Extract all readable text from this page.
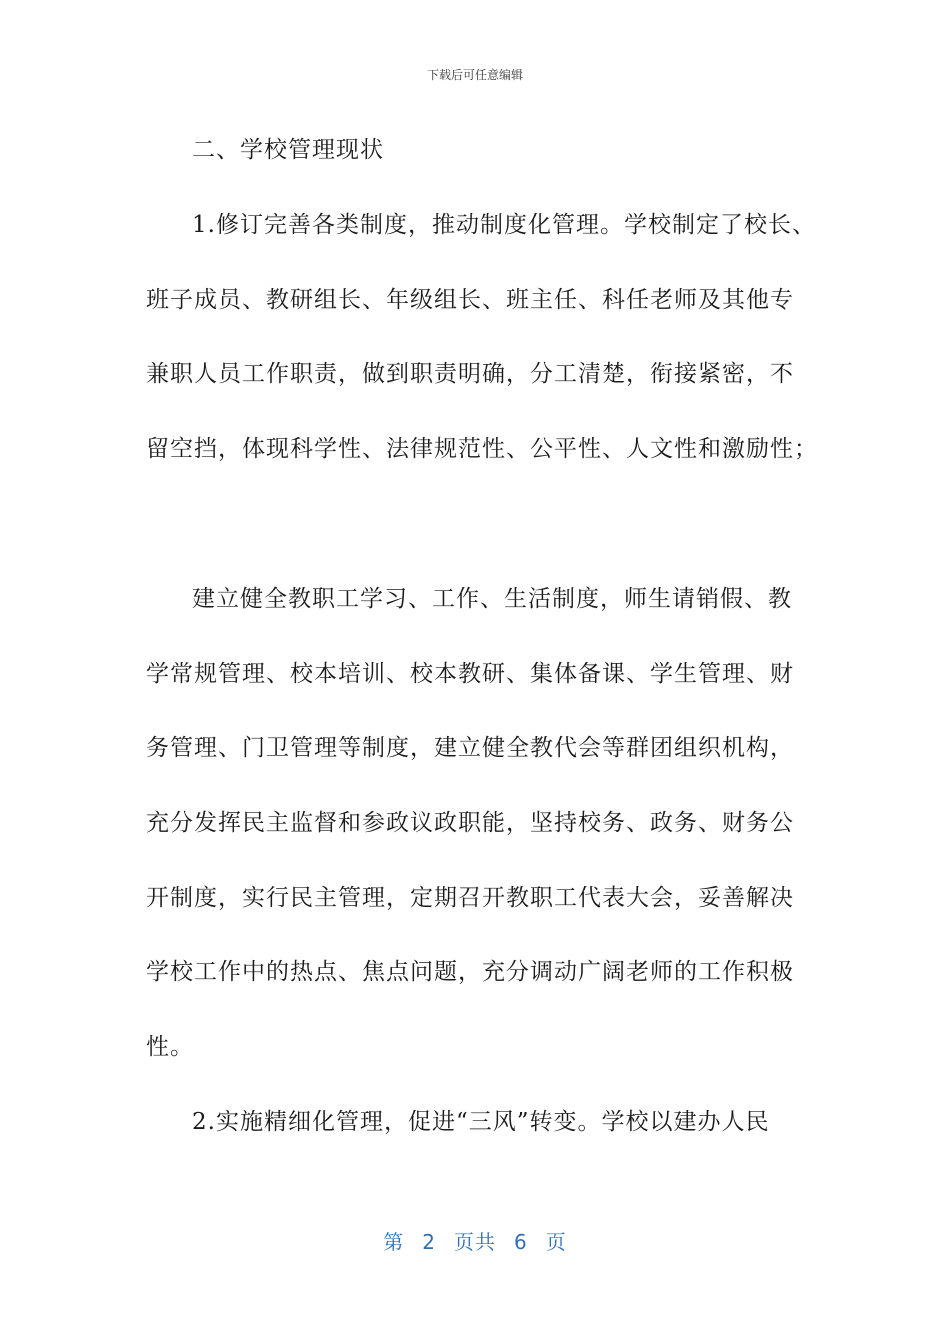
下载后可任意编辑
二、学校管理现状
1.修订完善各类制度，推动制度化管理。学校制定了校长、
班子成员、教研组长、年级组长、班主任、科任老师及其他专
兼职人员工作职责，做到职责明确，分工清楚，衔接紧密，不
留空挡，体现科学性、法律规范性、公平性、人文性和激励性；
建立健全教职工学习、工作、生活制度，师生请销假、教
学常规管理、校本培训、校本教研、集体备课、学生管理、财
务管理、门卫管理等制度，建立健全教代会等群团组织机构，
充分发挥民主监督和参政议政职能，坚持校务、政务、财务公
开制度，实行民主管理，定期召开教职工代表大会，妥善解决
学校工作中的热点、焦点问题，充分调动广阔老师的工作积极
性。
2.实施精细化管理，促进“三风”转变。学校以建办人民
第 2 页共 6 页
